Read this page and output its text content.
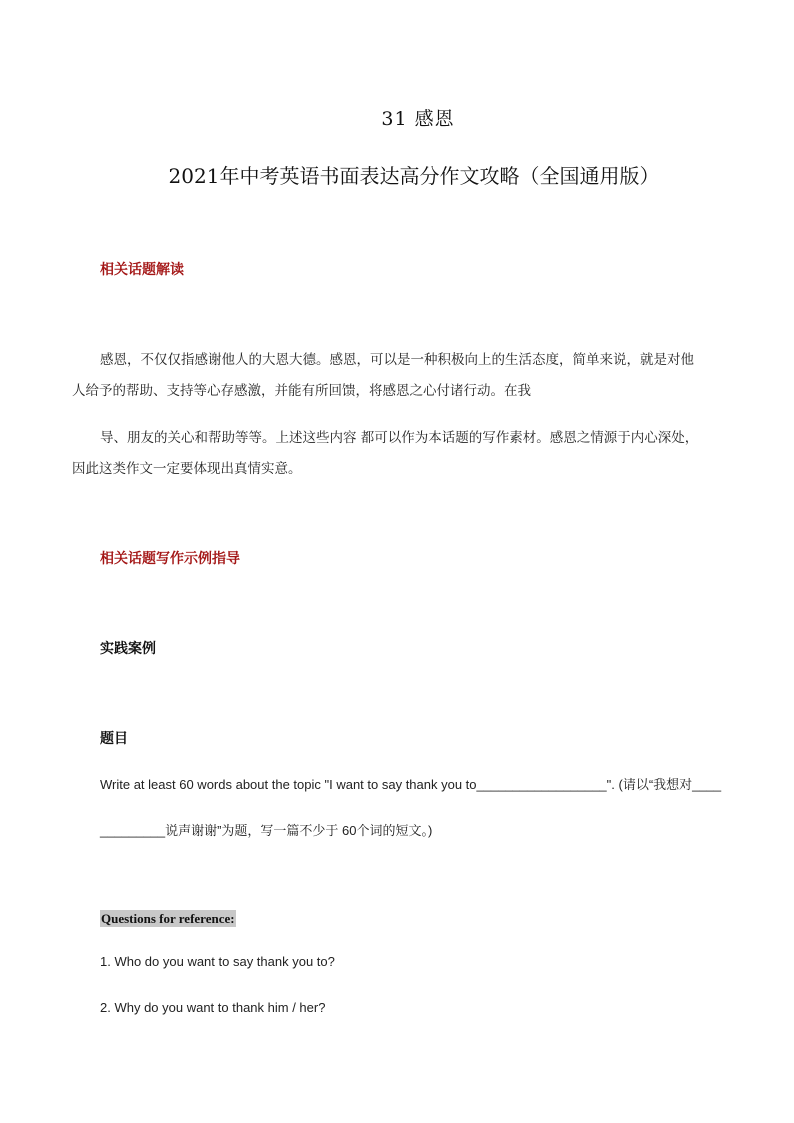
31 感恩
2021年中考英语书面表达高分作文攻略（全国通用版）
相关话题解读
感恩，不仅仅指感谢他人的大恩大德。感恩，可以是一种积极向上的生活态度，简单来说，就是对他
人给予的帮助、支持等心存感激，并能有所回馈，将感恩之心付诸行动。在我
导、朋友的关心和帮助等等。上述这些内容 都可以作为本话题的写作素材。感恩之情源于内心深处，
因此这类作文一定要体现出真情实意。
相关话题写作示例指导
实践案例
题目
Write at least 60 words about the topic "I want to say thank you to__________________". (请以“我想对____
_________说声谢谢”为题，写一篇不少于 60个词的短文。)
Questions for reference:
1. Who do you want to say thank you to?
2. Why do you want to thank him / her?
